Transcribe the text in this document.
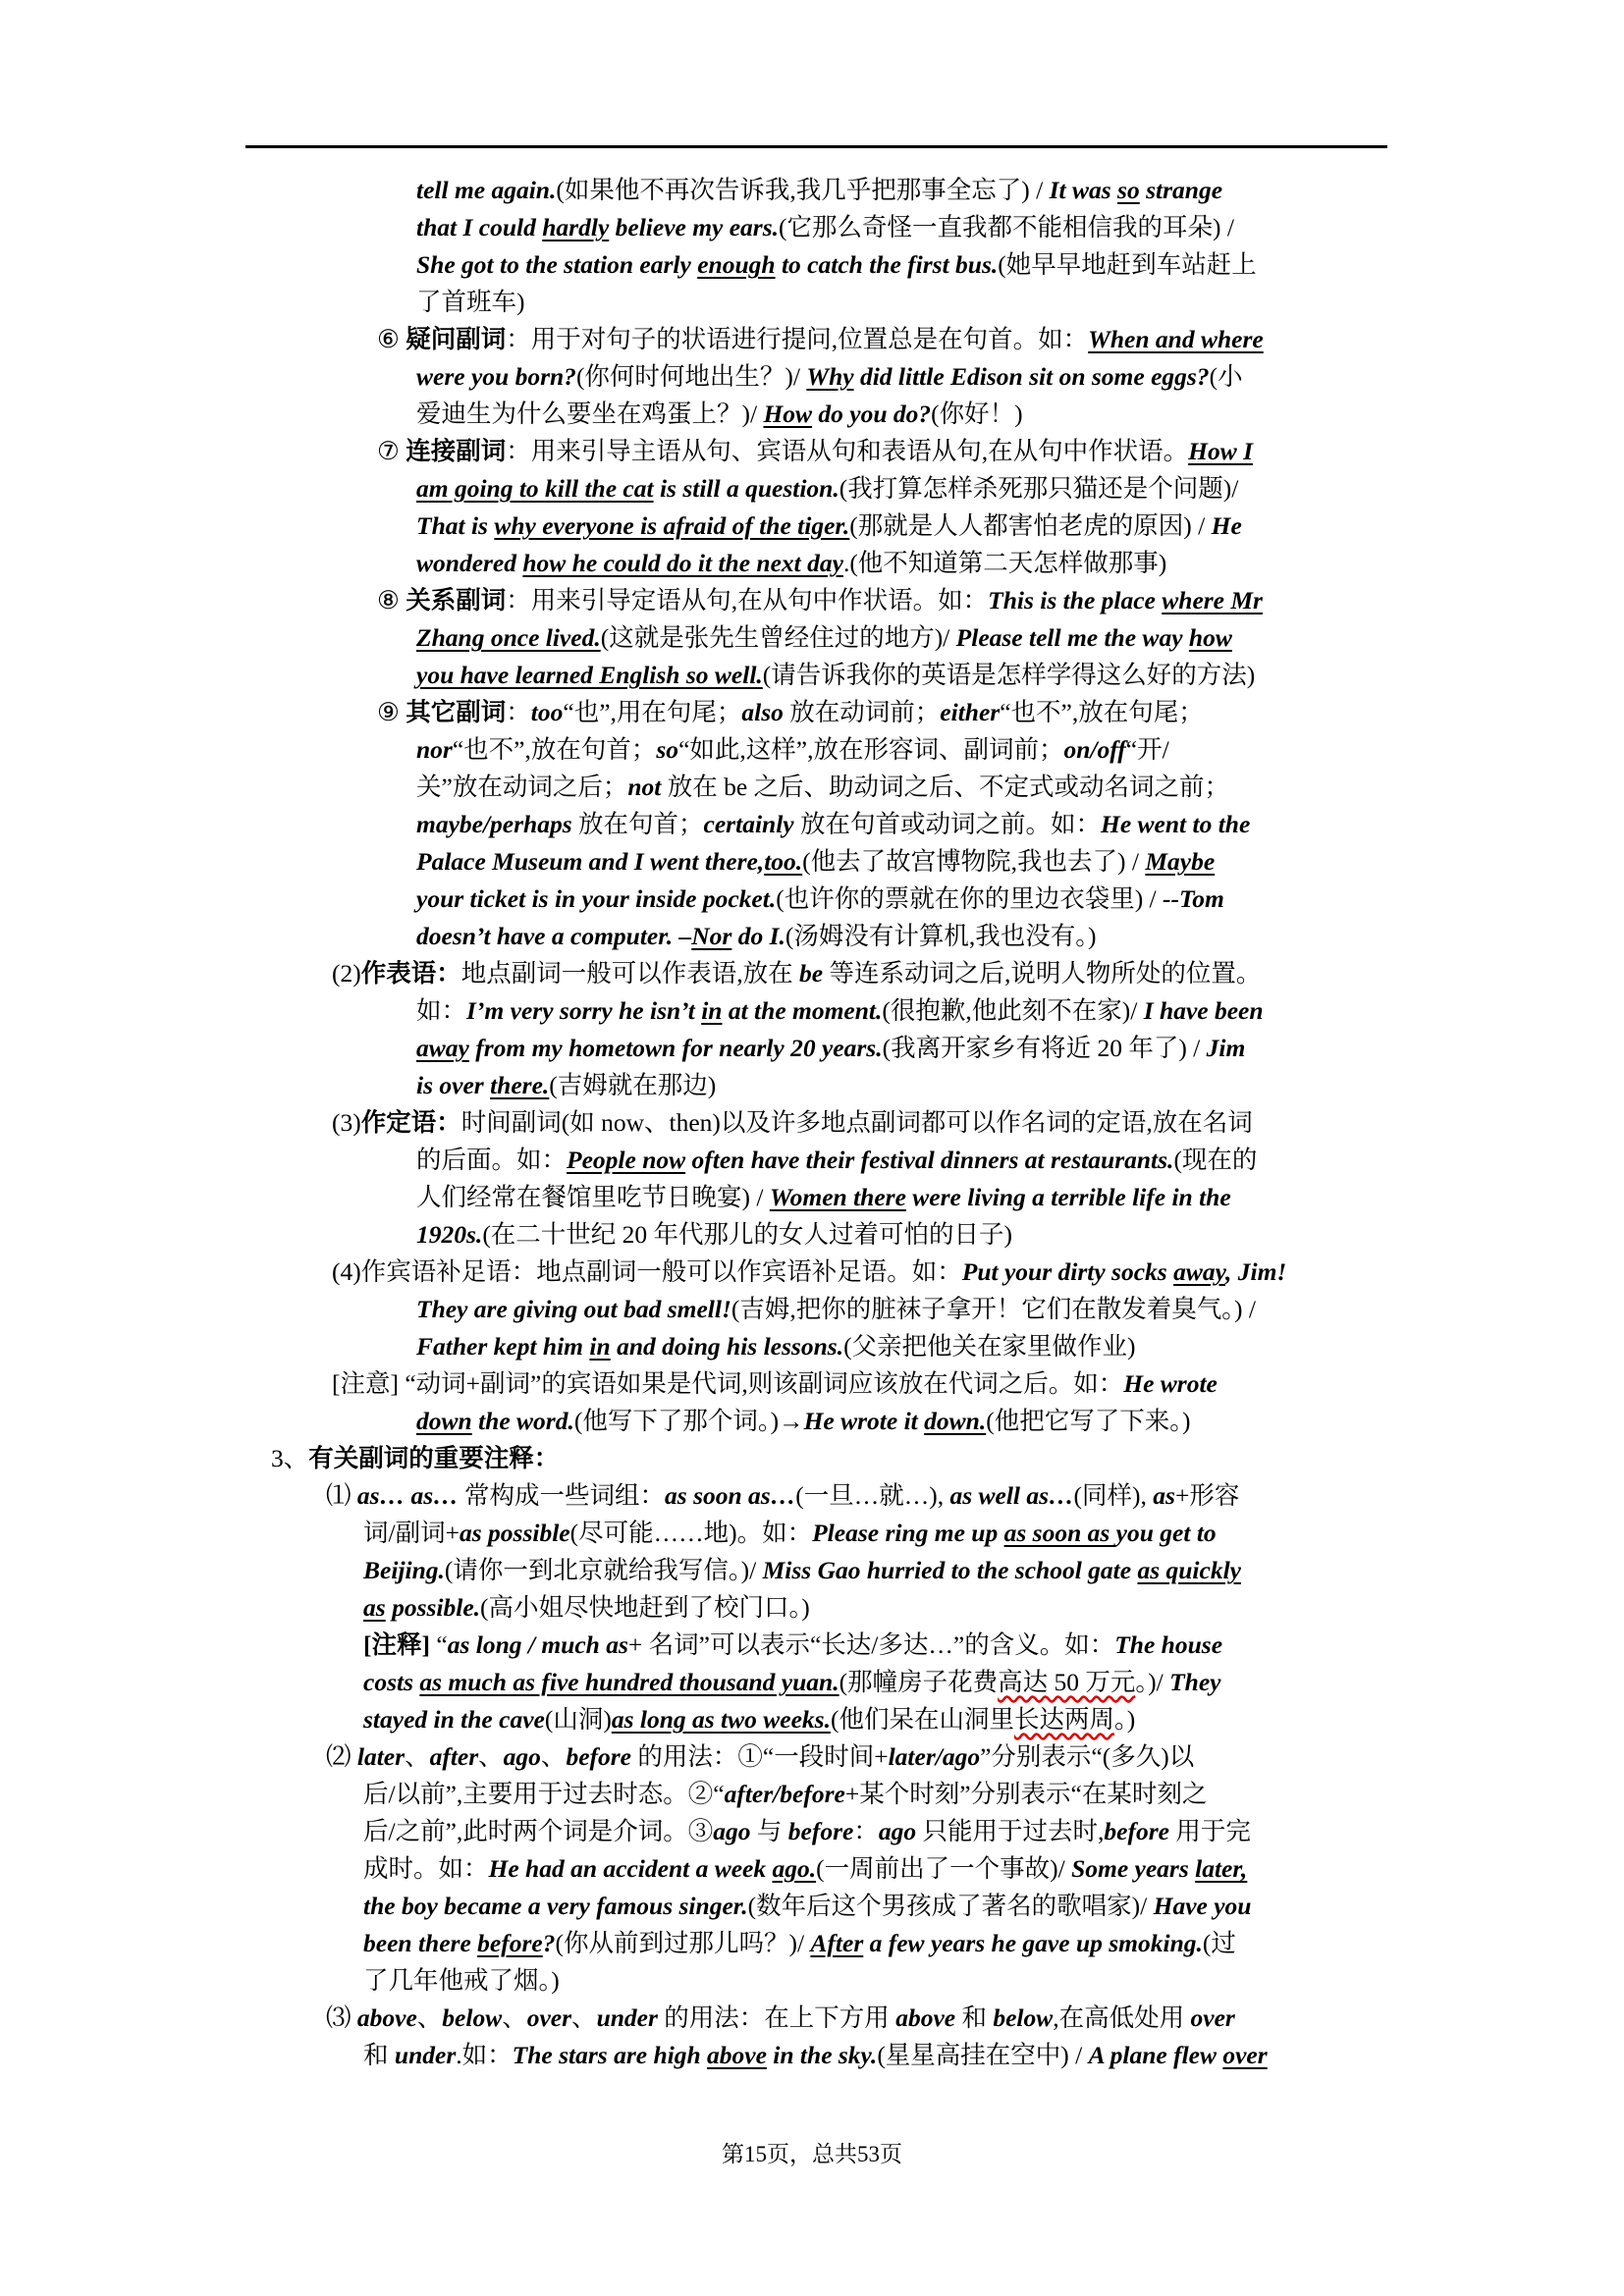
tell me again.(如果他不再次告诉我,我几乎把那事全忘了) / It was so strange
that I could hardly believe my ears.(它那么奇怪一直我都不能相信我的耳朵) /
She got to the station early enough to catch the first bus.(她早早地赶到车站赶上
了首班车)
⑥ 疑问副词：用于对句子的状语进行提问,位置总是在句首。如：When and where
were you born?(你何时何地出生？)/ Why did little Edison sit on some eggs?(小
爱迪生为什么要坐在鸡蛋上？)/ How do you do?(你好！)
⑦ 连接副词：用来引导主语从句、宾语从句和表语从句,在从句中作状语。How I
am going to kill the cat is still a question.(我打算怎样杀死那只猫还是个问题)/
That is why everyone is afraid of the tiger.(那就是人人都害怕老虎的原因) / He
wondered how he could do it the next day.(他不知道第二天怎样做那事)
⑧ 关系副词：用来引导定语从句,在从句中作状语。如：This is the place where Mr
Zhang once lived.(这就是张先生曾经住过的地方)/ Please tell me the way how
you have learned English so well.(请告诉我你的英语是怎样学得这么好的方法)
⑨ 其它副词：too“也”,用在句尾；also 放在动词前；either“也不”,放在句尾；
nor“也不”,放在句首；so“如此,这样”,放在形容词、副词前；on/off“开/
关”放在动词之后；not 放在 be 之后、助动词之后、不定式或动名词之前；
maybe/perhaps 放在句首；certainly 放在句首或动词之前。如：He went to the
Palace Museum and I went there,too.(他去了故宫博物院,我也去了) / Maybe
your ticket is in your inside pocket.(也许你的票就在你的里边衣袋里) / --Tom
doesn’t have a computer. –Nor do I.(汤姆没有计算机,我也没有。)
(2)作表语：地点副词一般可以作表语,放在 be 等连系动词之后,说明人物所处的位置。
如：I’m very sorry he isn’t in at the moment.(很抱歉,他此刻不在家)/ I have been
away from my hometown for nearly 20 years.(我离开家乡有将近 20 年了) / Jim
is over there.(吉姆就在那边)
(3)作定语：时间副词(如 now、then)以及许多地点副词都可以作名词的定语,放在名词
的后面。如：People now often have their festival dinners at restaurants.(现在的
人们经常在餐馆里吃节日晚宴) / Women there were living a terrible life in the
1920s.(在二十世纪 20 年代那儿的女人过着可怕的日子)
(4)作宾语补足语：地点副词一般可以作宾语补足语。如：Put your dirty socks away, Jim!
They are giving out bad smell!(吉姆,把你的脏袜子拿开！它们在散发着臭气。) /
Father kept him in and doing his lessons.(父亲把他关在家里做作业)
[注意] “动词+副词”的宾语如果是代词,则该副词应该放在代词之后。如：He wrote
down the word.(他写下了那个词。)→He wrote it down.(他把它写了下来。)
3、有关副词的重要注释：
⑴ as… as… 常构成一些词组：as soon as…(一旦…就…), as well as…(同样), as+形容
词/副词+as possible(尽可能……地)。如：Please ring me up as soon as you get to
Beijing.(请你一到北京就给我写信。)/ Miss Gao hurried to the school gate as quickly
as possible.(高小姐尽快地赶到了校门口。)
[注释] “as long / much as+ 名词”可以表示“长达/多达…”的含义。如：The house
costs as much as five hundred thousand yuan.(那幢房子花费高达 50 万元。)/ They
stayed in the cave(山洞)as long as two weeks.(他们呆在山洞里长达两周。)
⑵ later、after、ago、before 的用法：①“一段时间+later/ago”分别表示“(多久)以
后/以前”,主要用于过去时态。②“after/before+某个时刻”分别表示“在某时刻之
后/之前”,此时两个词是介词。③ago 与 before：ago 只能用于过去时,before 用于完
成时。如：He had an accident a week ago.(一周前出了一个事故)/ Some years later,
the boy became a very famous singer.(数年后这个男孩成了著名的歌唱家)/ Have you
been there before?(你从前到过那儿吗？)/ After a few years he gave up smoking.(过
了几年他戒了烟。)
⑶ above、below、over、under 的用法：在上下方用 above 和 below,在高低处用 over
和 under.如：The stars are high above in the sky.(星星高挂在空中) / A plane flew over
第15页，总共53页
